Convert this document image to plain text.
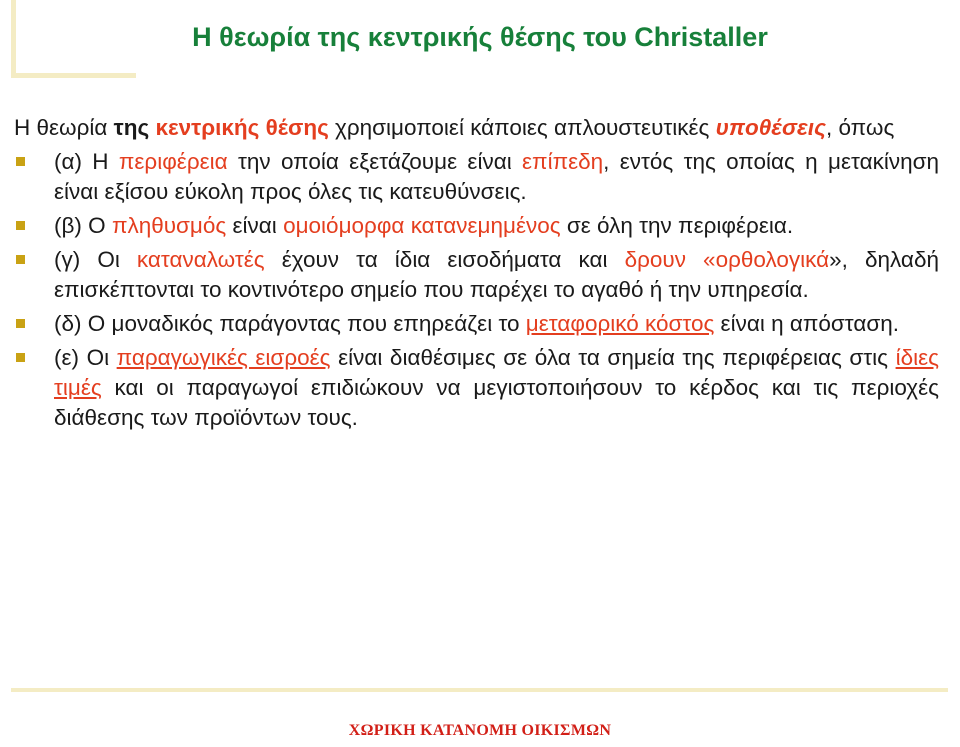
Η θεωρία της κεντρικής θέσης του Christaller

Η θεωρία της κεντρικής θέσης χρησιμοποιεί κάποιες απλουστευτικές υποθέσεις, όπως

(α) Η περιφέρεια την οποία εξετάζουμε είναι επίπεδη, εντός της οποίας η μετακίνηση είναι εξίσου εύκολη προς όλες τις κατευθύνσεις.
(β) Ο πληθυσμός είναι ομοιόμορφα κατανεμημένος σε όλη την περιφέρεια.
(γ) Οι καταναλωτές έχουν τα ίδια εισοδήματα και δρουν «ορθολογικά», δηλαδή επισκέπτονται το κοντινότερο σημείο που παρέχει το αγαθό ή την υπηρεσία.
(δ) Ο μοναδικός παράγοντας που επηρεάζει το μεταφορικό κόστος είναι η απόσταση.
(ε) Οι παραγωγικές εισροές είναι διαθέσιμες σε όλα τα σημεία της περιφέρειας στις ίδιες τιμές και οι παραγωγοί επιδιώκουν να μεγιστοποιήσουν το κέρδος και τις περιοχές διάθεσης των προϊόντων τους.
ΧΩΡΙΚΗ ΚΑΤΑΝΟΜΗ ΟΙΚΙΣΜΩΝ
